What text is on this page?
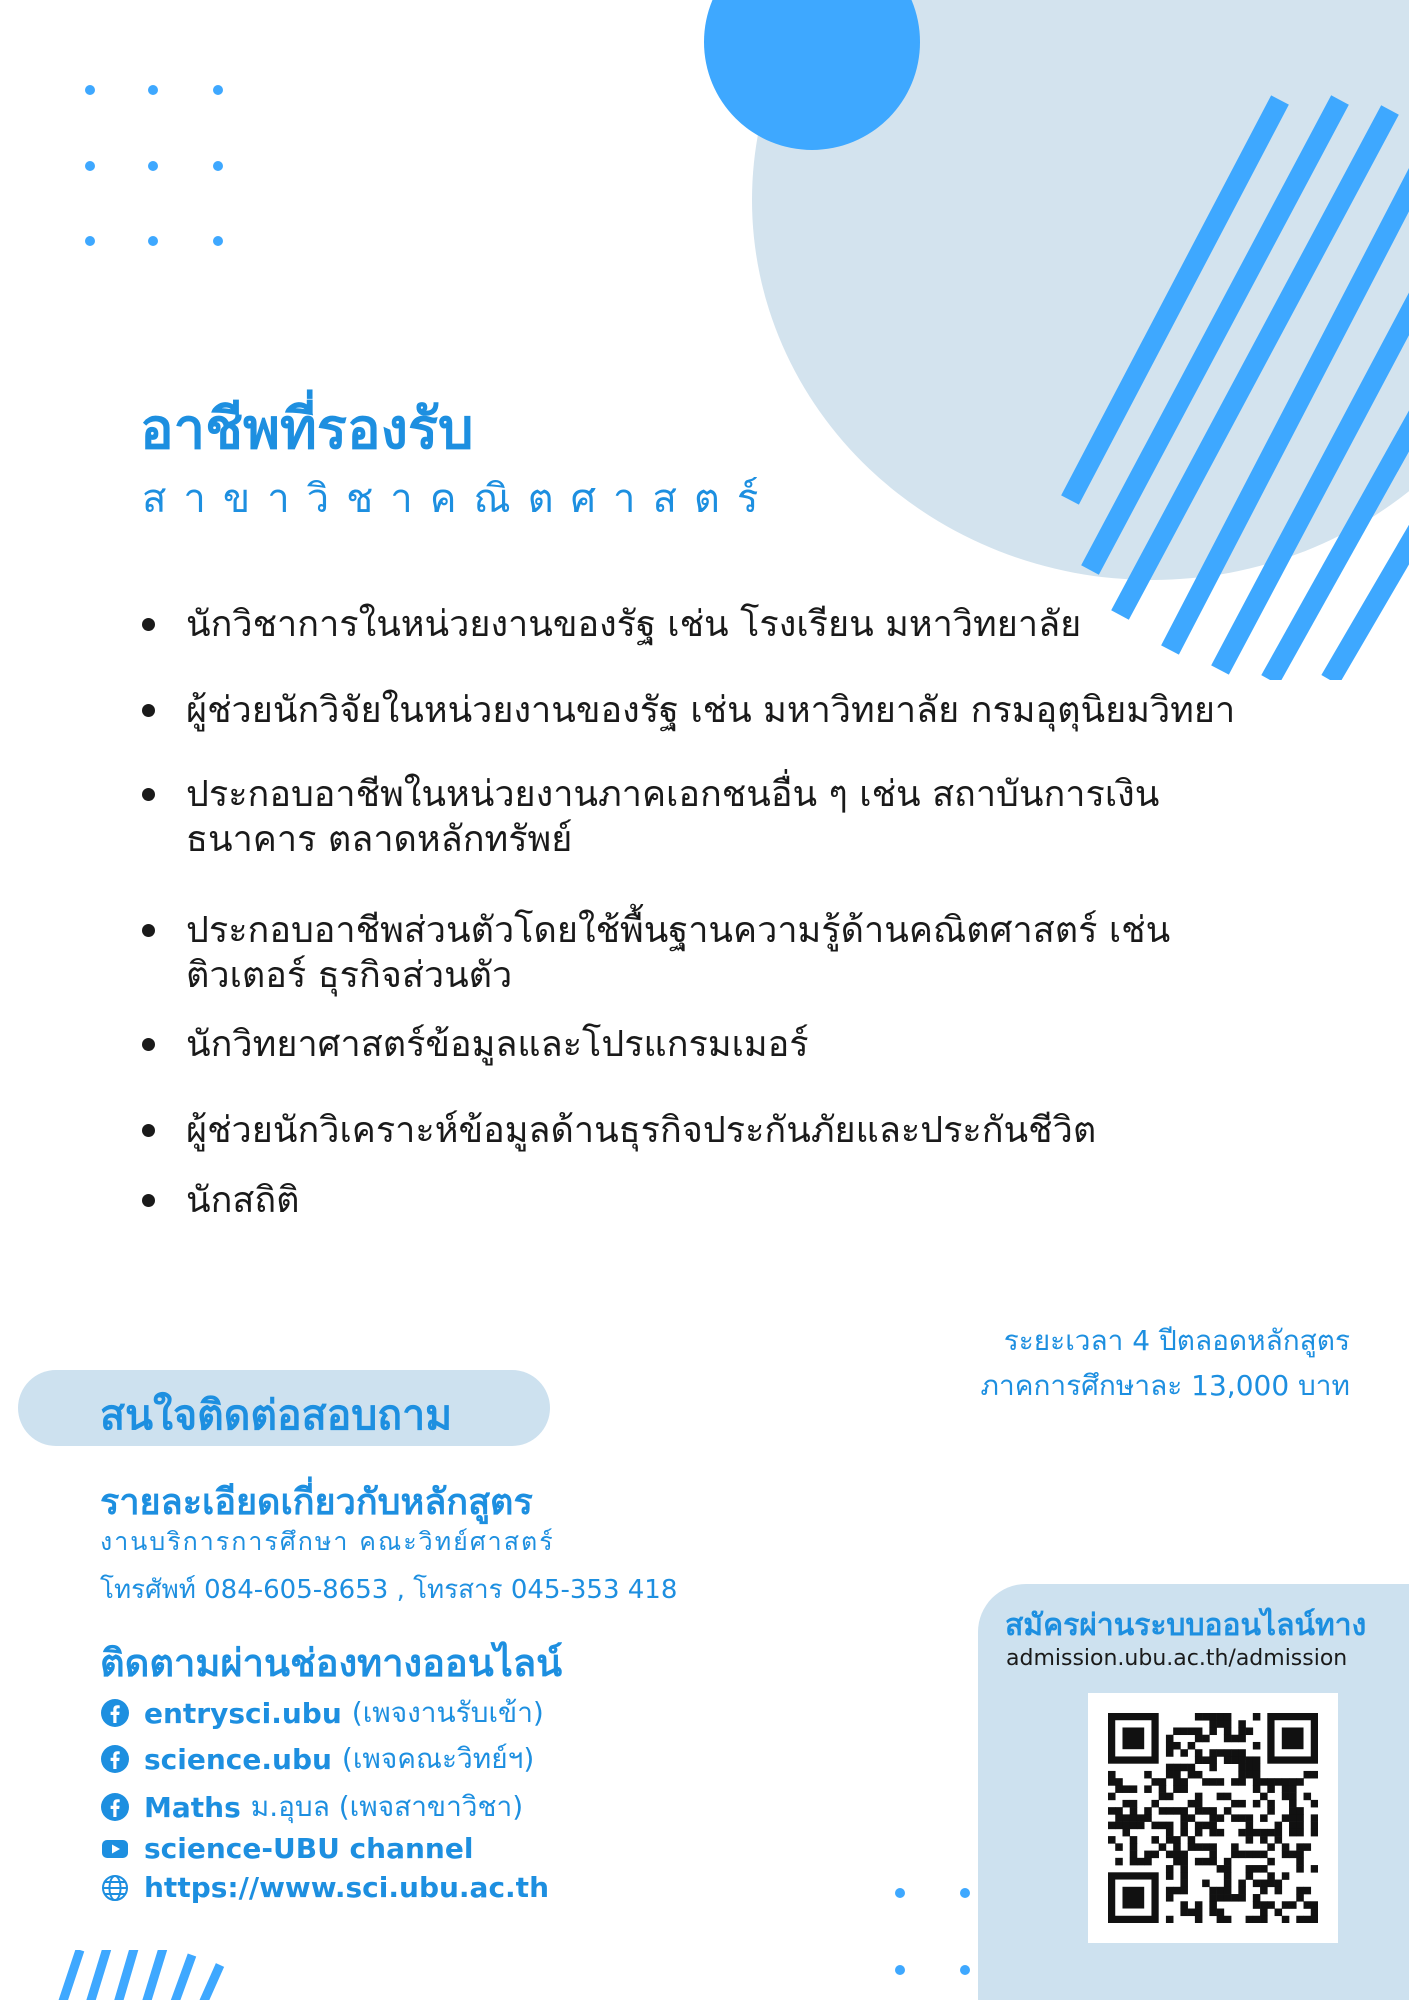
อาชีพที่รองรับ
สาขาวิชาคณิตศาสตร์
นักวิชาการในหน่วยงานของรัฐ เช่น โรงเรียน มหาวิทยาลัย
ผู้ช่วยนักวิจัยในหน่วยงานของรัฐ เช่น มหาวิทยาลัย กรมอุตุนิยมวิทยา
ประกอบอาชีพในหน่วยงานภาคเอกชนอื่น ๆ เช่น สถาบันการเงิน
ธนาคาร ตลาดหลักทรัพย์
ประกอบอาชีพส่วนตัวโดยใช้พื้นฐานความรู้ด้านคณิตศาสตร์ เช่น
ติวเตอร์ ธุรกิจส่วนตัว
นักวิทยาศาสตร์ข้อมูลและโปรแกรมเมอร์
ผู้ช่วยนักวิเคราะห์ข้อมูลด้านธุรกิจประกันภัยและประกันชีวิต
นักสถิติ
ระยะเวลา 4 ปีตลอดหลักสูตร
ภาคการศึกษาละ 13,000 บาท
สนใจติดต่อสอบถาม
รายละเอียดเกี่ยวกับหลักสูตร
งานบริการการศึกษา คณะวิทย์ศาสตร์
โทรศัพท์ 084-605-8653 , โทรสาร 045-353 418
ติดตามผ่านช่องทางออนไลน์
entrysci.ubu (เพจงานรับเข้า)
science.ubu (เพจคณะวิทย์ฯ)
Maths ม.อุบล (เพจสาขาวิชา)
science-UBU channel
https://www.sci.ubu.ac.th
สมัครผ่านระบบออนไลน์ทาง
admission.ubu.ac.th/admission
